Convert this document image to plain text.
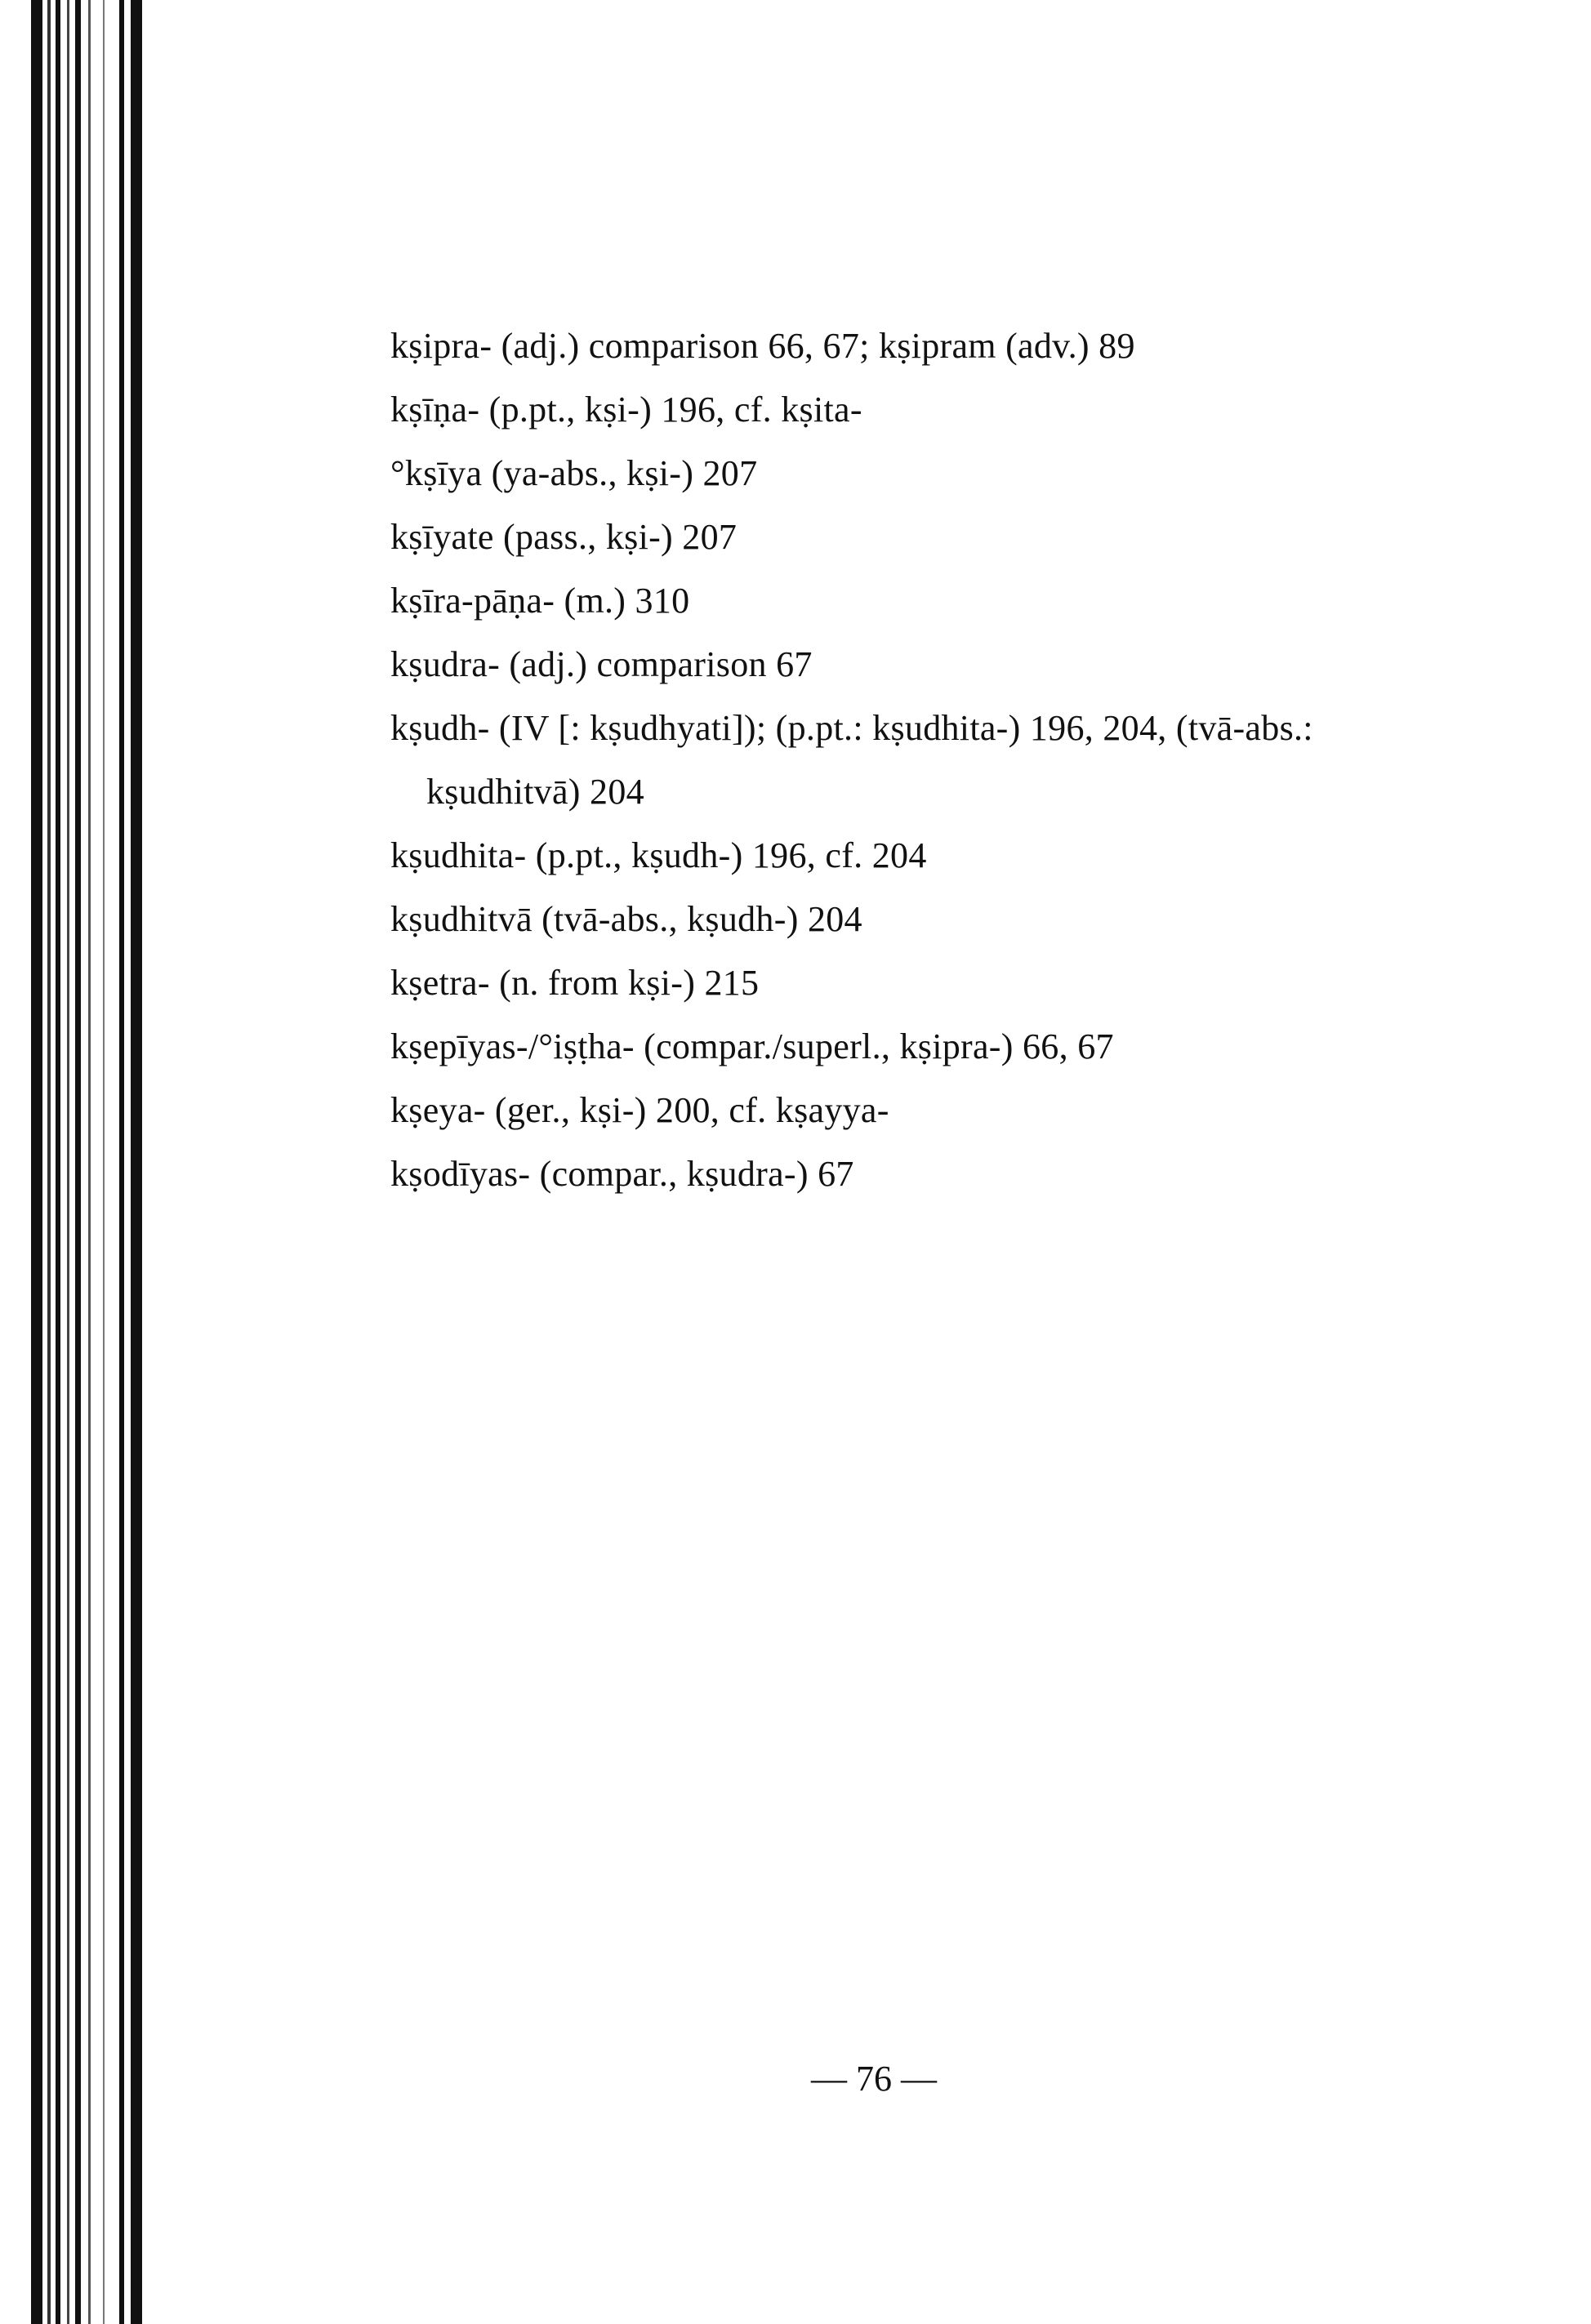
kṣipra- (adj.) comparison 66, 67; kṣipram (adv.) 89
kṣīṇa- (p.pt., kṣi-) 196, cf. kṣita-
°kṣīya (ya-abs., kṣi-) 207
kṣīyate (pass., kṣi-) 207
kṣīra-pāṇa- (m.) 310
kṣudra- (adj.) comparison 67
kṣudh- (IV [: kṣudhyati]); (p.pt.: kṣudhita-) 196, 204, (tvā-abs.:
kṣudhitvā) 204
kṣudhita- (p.pt., kṣudh-) 196, cf. 204
kṣudhitvā (tvā-abs., kṣudh-) 204
kṣetra- (n. from kṣi-) 215
kṣepīyas-/°iṣṭha- (compar./superl., kṣipra-) 66, 67
kṣeya- (ger., kṣi-) 200, cf. kṣayya-
kṣodīyas- (compar., kṣudra-) 67
— 76 —
